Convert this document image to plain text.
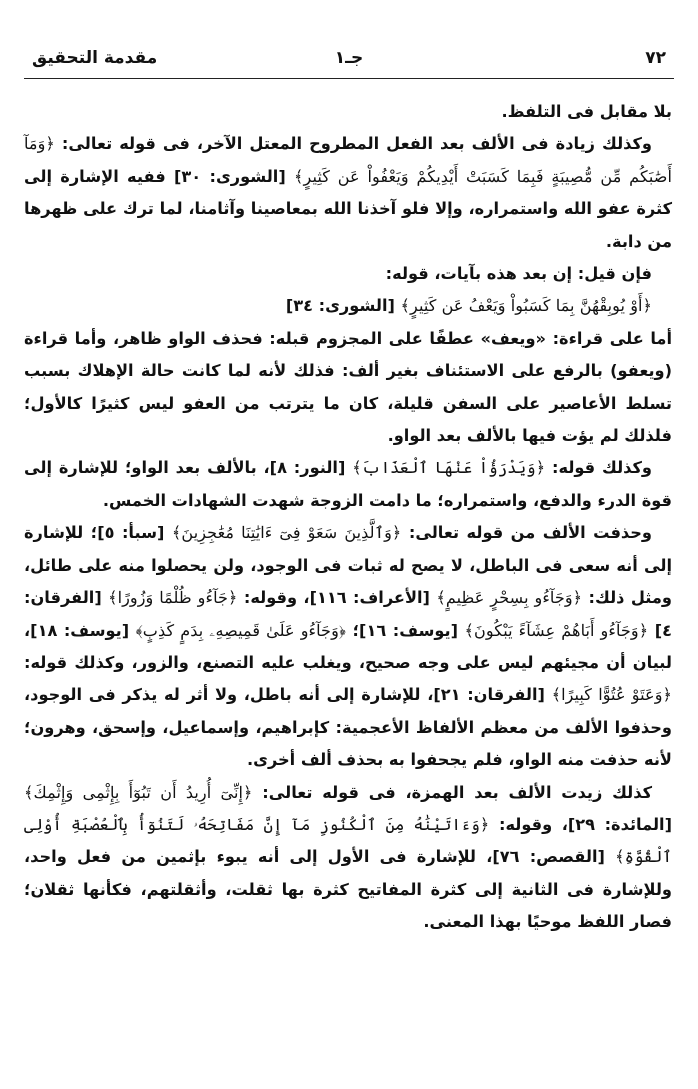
٧٢
جـ١
مقدمة التحقيق

بلا مقابل فى التلفظ.

وكذلك زيادة فى الألف بعد الفعل المطروح المعتل الآخر، فى قوله تعالى: ﴿وَمَآ أَصَٰبَكُم مِّن مُّصِيبَةٍ فَبِمَا كَسَبَتْ أَيْدِيكُمْ وَيَعْفُواْ عَن كَثِيرٍ﴾ [الشورى: ٣٠] ففيه الإشارة إلى كثرة عفو الله واستمراره، وإلا فلو آخذنا الله بمعاصينا وآثامنا، لما ترك على ظهرها من دابة.

فإن قيل: إن بعد هذه بآيات، قوله:

﴿أَوْ يُوبِقْهُنَّ بِمَا كَسَبُواْ وَيَعْفُ عَن كَثِيرٍ﴾ [الشورى: ٣٤]

أما على قراءة: «ويعف» عطفًا على المجزوم قبله: فحذف الواو ظاهر، وأما قراءة (ويعفو) بالرفع على الاستئناف بغير ألف: فذلك لأنه لما كانت حالة الإهلاك بسبب تسلط الأعاصير على السفن قليلة، كان ما يترتب من العفو ليس كثيرًا كالأول؛ فلذلك لم يؤت فيها بالألف بعد الواو.

وكذلك قوله: ﴿وَيَدْرَؤُاْ عَنْهَا ٱلْعَذَابَ﴾ [النور: ٨]، بالألف بعد الواو؛ للإشارة إلى قوة الدرء والدفع، واستمراره؛ ما دامت الزوجة شهدت الشهادات الخمس.

وحذفت الألف من قوله تعالى: ﴿وَٱلَّذِينَ سَعَوْ فِىٓ ءَايَٰتِنَا مُعَٰجِزِينَ﴾ [سبأ: ٥]؛ للإشارة إلى أنه سعى فى الباطل، لا يصح له ثبات فى الوجود، ولن يحصلوا منه على طائل، ومثل ذلك: ﴿وَجَآءُو بِسِحْرٍ عَظِيمٍ﴾ [الأعراف: ١١٦]، وقوله: ﴿جَآءُو ظُلْمًا وَزُورًا﴾ [الفرقان: ٤] ﴿وَجَآءُو أَبَاهُمْ عِشَآءً يَبْكُونَ﴾ [يوسف: ١٦]؛ ﴿وَجَآءُو عَلَىٰ قَمِيصِهِۦ بِدَمٍ كَذِبٍ﴾ [يوسف: ١٨]، لبيان أن مجيئهم ليس على وجه صحيح، ويغلب عليه التصنع، والزور، وكذلك قوله: ﴿وَعَتَوْ عُتُوًّا كَبِيرًا﴾ [الفرقان: ٢١]، للإشارة إلى أنه باطل، ولا أثر له يذكر فى الوجود، وحذفوا الألف من معظم الألفاظ الأعجمية: كإبراهيم، وإسماعيل، وإسحق، وهرون؛ لأنه حذفت منه الواو، فلم يجحفوا به بحذف ألف أخرى.

كذلك زيدت الألف بعد الهمزة، فى قوله تعالى: ﴿إِنِّىٓ أُرِيدُ أَن تَبُوٓأَ بِإِثْمِى وَإِثْمِكَ﴾ [المائدة: ٢٩]، وقوله: ﴿وَءَاتَيْنَٰهُ مِنَ ٱلْكُنُوزِ مَآ إِنَّ مَفَاتِحَهُۥ لَتَنُوٓأُ بِٱلْعُصْبَةِ أُوْلِى ٱلْقُوَّةِ﴾ [القصص: ٧٦]، للإشارة فى الأول إلى أنه يبوء بإثمين من فعل واحد، وللإشارة فى الثانية إلى كثرة المفاتيح كثرة بها ثقلت، وأثقلتهم، فكأنها ثقلان؛ فصار اللفظ موحيًا بهذا المعنى.
